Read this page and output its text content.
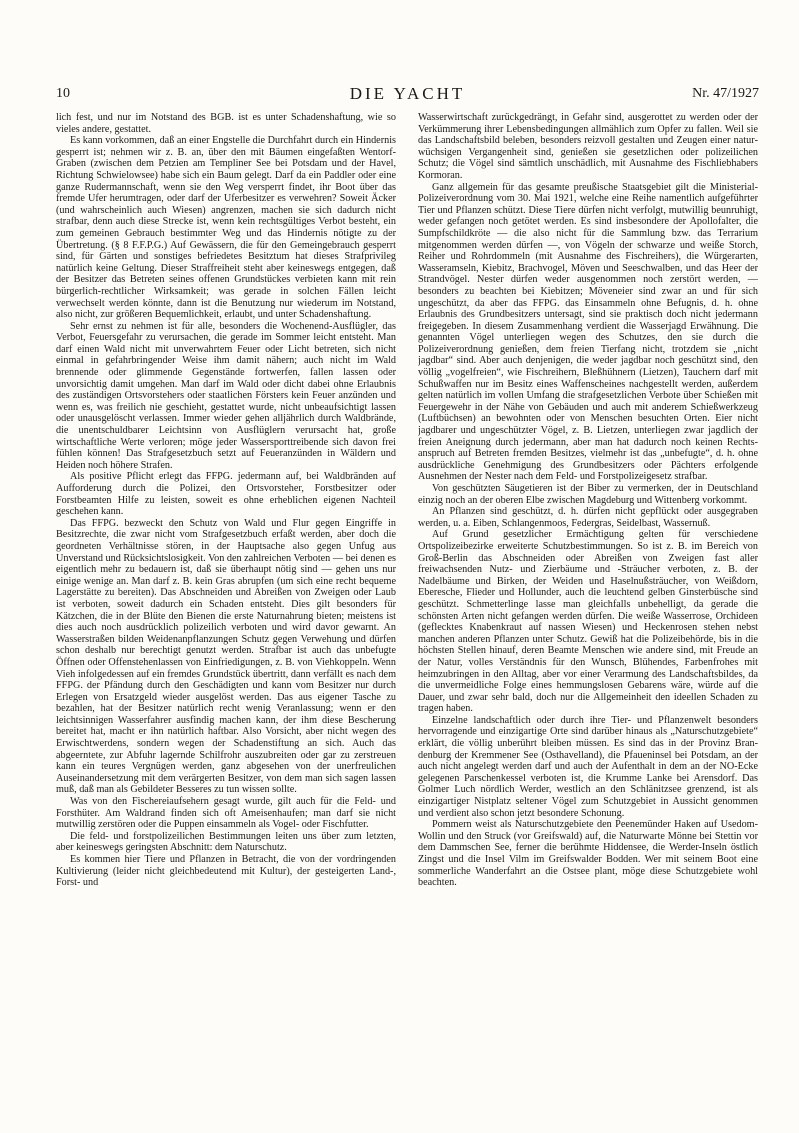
10	DIE YACHT	Nr. 47/1927

lich fest, und nur im Notstand des BGB. ist es unter Schadenshaftung, wie so vieles andere, gestattet.

Es kann vorkommen, daß an einer Engstelle die Durchfahrt durch ein Hindernis gesperrt ist; nehmen wir z. B. an, über den mit Bäumen eingefaßten Wentorf-Graben (zwischen dem Petzien am Templiner See bei Potsdam und der Havel, Richtung Schwielowsee) habe sich ein Baum gelegt. Darf da ein Paddler oder eine ganze Rudermannschaft, wenn sie den Weg versperrt findet, ihr Boot über das fremde Ufer herumtragen, oder darf der Uferbesitzer es verwehren? Soweit Äcker (und wahrscheinlich auch Wiesen) angrenzen, machen sie sich dadurch nicht strafbar, denn auch diese Strecke ist, wenn kein rechtsgültiges Verbot besteht, ein zum gemeinen Gebrauch bestimmter Weg und das Hindernis nötigte zu der Übertretung. (§ 8 F.F.P.G.) Auf Gewässern, die für den Gemeingebrauch gesperrt sind, für Gärten und sonstiges befriedetes Besitztum hat dieses Strafprivileg natürlich keine Geltung. Dieser Straffreiheit steht aber keineswegs entgegen, daß der Besitzer das Betreten seines offenen Grundstückes verbieten kann mit rein bürgerlich-rechtlicher Wirksamkeit; was gerade in solchen Fällen leicht verwechselt werden könnte, dann ist die Benutzung nur wiederum im Notstand, also nicht, zur größeren Bequemlichkeit, erlaubt, und unter Schadenshaftung.

Sehr ernst zu nehmen ist für alle, besonders die Wochenend-Ausflügler, das Verbot, Feuersgefahr zu verursachen, die gerade im Sommer leicht entsteht. Man darf einen Wald nicht mit unverwahrtem Feuer oder Licht betreten, sich nicht einmal in gefahrbringender Weise ihm damit nähern; auch nicht im Wald brennende oder glimmende Gegenstände fortwerfen, fallen lassen oder unvorsichtig damit umgehen. Man darf im Wald oder dicht dabei ohne Erlaubnis des zuständigen Ortsvorstehers oder staatlichen Försters kein Feuer anzünden und wenn es, was freilich nie geschieht, gestattet wurde, nicht unbeaufsichtigt lassen oder unausgelöscht verlassen. Immer wieder gehen alljährlich durch Waldbrände, die unentschuldbarer Leichtsinn von Ausflüglern verursacht hat, große wirtschaftliche Werte verloren; möge jeder Wassersporttreibende sich davon frei fühlen können! Das Strafgesetzbuch setzt auf Feueranzünden in Wäldern und Heiden noch höhere Strafen.

Als positive Pflicht erlegt das FFPG. jedermann auf, bei Waldbränden auf Aufforderung durch die Polizei, den Ortsvorsteher, Forstbesitzer oder Forstbeamten Hilfe zu leisten, soweit es ohne erheblichen eigenen Nachteil geschehen kann.

Das FFPG. bezweckt den Schutz von Wald und Flur gegen Eingriffe in Besitzrechte, die zwar nicht vom Strafgesetzbuch erfaßt werden, aber doch die geordneten Verhältnisse stören, in der Hauptsache also gegen Unfug aus Unverstand und Rücksichtslosigkeit. Von den zahlreichen Verboten — bei denen es eigentlich mehr zu bedauern ist, daß sie überhaupt nötig sind — gehen uns nur einige wenige an. Man darf z. B. kein Gras abrupfen (um sich eine recht bequeme Lagerstätte zu bereiten). Das Abschneiden und Abreißen von Zweigen oder Laub ist verboten, soweit dadurch ein Schaden entsteht. Dies gilt besonders für Kätzchen, die in der Blüte den Bienen die erste Naturnahrung bieten; meistens ist dies auch noch ausdrücklich polizeilich verboten und wird davor gewarnt. An Wasserstraßen bilden Weidenanpflanzungen Schutz gegen Verwehung und dürfen schon deshalb nur berechtigt genutzt werden. Strafbar ist auch das unbefugte Öffnen oder Offenstehenlassen von Einfriedigungen, z. B. von Viehkoppeln. Wenn Vieh infolgedessen auf ein fremdes Grundstück übertritt, dann verfällt es nach dem FFPG. der Pfändung durch den Geschädigten und kann vom Besitzer nur durch Erlegen von Ersatzgeld wieder ausgelöst werden. Das aus eigener Tasche zu bezahlen, hat der Besitzer natürlich recht wenig Veranlassung; wenn er den leichtsinnigen Wasserfahrer ausfindig machen kann, der ihm diese Bescherung bereitet hat, macht er ihn natürlich haftbar. Also Vorsicht, aber nicht wegen des Erwischtwerdens, sondern wegen der Schadenstiftung an sich. Auch das abgeerntete, zur Abfuhr lagernde Schilfrohr auszubreiten oder gar zu zerstreuen kann ein teures Vergnügen werden, ganz abgesehen von der unerfreulichen Auseinandersetzung mit dem verärgerten Besitzer, von dem man sich sagen lassen muß, daß man als Gebildeter Besseres zu tun wissen sollte.

Was von den Fischereiaufsehern gesagt wurde, gilt auch für die Feld- und Forsthüter. Am Waldrand finden sich oft Ameisenhaufen; man darf sie nicht mutwillig zerstören oder die Puppen einsammeln als Vogel- oder Fischfutter.

Die feld- und forstpolizeilichen Bestimmungen leiten uns über zum letzten, aber keineswegs geringsten Abschnitt: dem Naturschutz.

Es kommen hier Tiere und Pflanzen in Betracht, die von der vordringenden Kultivierung (leider nicht gleichbedeutend mit Kultur), der gesteigerten Land-, Forst- und

Wasserwirtschaft zurückgedrängt, in Gefahr sind, ausgerottet zu werden oder der Verkümmerung ihrer Lebensbedingungen allmählich zum Opfer zu fallen. Weil sie das Landschaftsbild beleben, besonders reizvoll gestalten und Zeugen einer naturwüchsigen Vergangenheit sind, genießen sie gesetzlichen oder polizeilichen Schutz; die Vögel sind sämtlich unschädlich, mit Ausnahme des Fischliebhabers Kormoran.

Ganz allgemein für das gesamte preußische Staatsgebiet gilt die Ministerial-Polizeiverordnung vom 30. Mai 1921, welche eine Reihe namentlich aufgeführter Tier und Pflanzen schützt. Diese Tiere dürfen nicht verfolgt, mutwillig beunruhigt, weder gefangen noch getötet werden. Es sind insbesondere der Apollofalter, die Sumpfschildkröte — die also nicht für die Sammlung bzw. das Terrarium mitgenommen werden dürfen —, von Vögeln der schwarze und weiße Storch, Reiher und Rohrdommeln (mit Ausnahme des Fischreihers), die Würgerarten, Wasseramseln, Kiebitz, Brachvogel, Möven und Seeschwalben, und das Heer der Strandvögel. Nester dürfen weder ausgenommen noch zerstört werden, — besonders zu beachten bei Kiebitzen; Möveneier sind zwar an und für sich ungeschützt, da aber das FFPG. das Einsammeln ohne Befugnis, d. h. ohne Erlaubnis des Grundbesitzers untersagt, sind sie praktisch doch nicht jedermann freigegeben. In diesem Zusammenhang verdient die Wasserjagd Erwähnung. Die genannten Vögel unterliegen wegen des Schutzes, den sie durch die Polizeiverordnung genießen, dem freien Tierfang nicht, trotzdem sie „nicht jagdbar“ sind. Aber auch denjenigen, die weder jagdbar noch geschützt sind, den völlig „vogelfreien“, wie Fischreihern, Bleßhühnern (Lietzen), Tauchern darf mit Schußwaffen nur im Besitz eines Waffenscheines nachgestellt werden, außerdem gelten natürlich im vollen Umfang die strafgesetzlichen Verbote über Schießen mit Feuergewehr in der Nähe von Gebäuden und auch mit anderem Schießwerkzeug (Luftbüchsen) an bewohnten oder von Menschen besuchten Orten. Eier nicht jagdbarer und ungeschützter Vögel, z. B. Lietzen, unterliegen zwar jagdlich der freien Aneignung durch jedermann, aber man hat dadurch noch keinen Rechtsanspruch auf Betreten fremden Besitzes, vielmehr ist das „unbefugte“, d. h. ohne ausdrückliche Genehmigung des Grundbesitzers oder Pächters erfolgende Ausnehmen der Nester nach dem Feld- und Forstpolizeigesetz strafbar.

Von geschützten Säugetieren ist der Biber zu vermerken, der in Deutschland einzig noch an der oberen Elbe zwischen Magdeburg und Wittenberg vorkommt.

An Pflanzen sind geschützt, d. h. dürfen nicht gepflückt oder ausgegraben werden, u. a. Eiben, Schlangenmoos, Federgras, Seidelbast, Wassernuß.

Auf Grund gesetzlicher Ermächtigung gelten für verschiedene Ortspolizeibezirke erweiterte Schutzbestimmungen. So ist z. B. im Bereich von Groß-Berlin das Abschneiden oder Abreißen von Zweigen fast aller freiwachsenden Nutz- und Zierbäume und -Sträucher verboten, z. B. der Nadelbäume und Birken, der Weiden und Haselnußsträucher, von Weißdorn, Eberesche, Flieder und Hollunder, auch die leuchtend gelben Ginsterbüsche sind geschützt. Schmetterlinge lasse man gleichfalls unbehelligt, da gerade die schönsten Arten nicht gefangen werden dürfen. Die weiße Wasserrose, Orchideen (geflecktes Knabenkraut auf nassen Wiesen) und Heckenrosen stehen nebst manchen anderen Pflanzen unter Schutz. Gewiß hat die Polizeibehörde, bis in die höchsten Stellen hinauf, deren Beamte Menschen wie andere sind, mit Freude an der Natur, volles Verständnis für den Wunsch, Blühendes, Farbenfrohes mit heimzubringen in den Alltag, aber vor einer Verarmung des Landschaftsbildes, da die unvermeidliche Folge eines hemmungslosen Gebarens wäre, würde auf die Dauer, und zwar sehr bald, doch nur die Allgemeinheit den ideellen Schaden zu tragen haben.

Einzelne landschaftlich oder durch ihre Tier- und Pflanzenwelt besonders hervorragende und einzigartige Orte sind darüber hinaus als „Naturschutzgebiete“ erklärt, die völlig unberührt bleiben müssen. Es sind das in der Provinz Brandenburg der Kremmener See (Osthavelland), die Pfaueninsel bei Potsdam, an der auch nicht angelegt werden darf und auch der Aufenthalt in dem an der NO-Ecke gelegenen Parschenkessel verboten ist, die Krumme Lanke bei Arensdorf. Das Golmer Luch nördlich Werder, westlich an den Schlänitzsee grenzend, ist als einzigartiger Nistplatz seltener Vögel zum Schutzgebiet in Aussicht genommen und verdient also schon jetzt besondere Schonung.

Pommern weist als Naturschutzgebiete den Peenemünder Haken auf Usedom-Wollin und den Struck (vor Greifswald) auf, die Naturwarte Mönne bei Stettin vor dem Dammschen See, ferner die berühmte Hiddensee, die Werder-Inseln östlich Zingst und die Insel Vilm im Greifswalder Bodden. Wer mit seinem Boot eine sommerliche Wanderfahrt an die Ostsee plant, möge diese Schutzgebiete wohl beachten.
